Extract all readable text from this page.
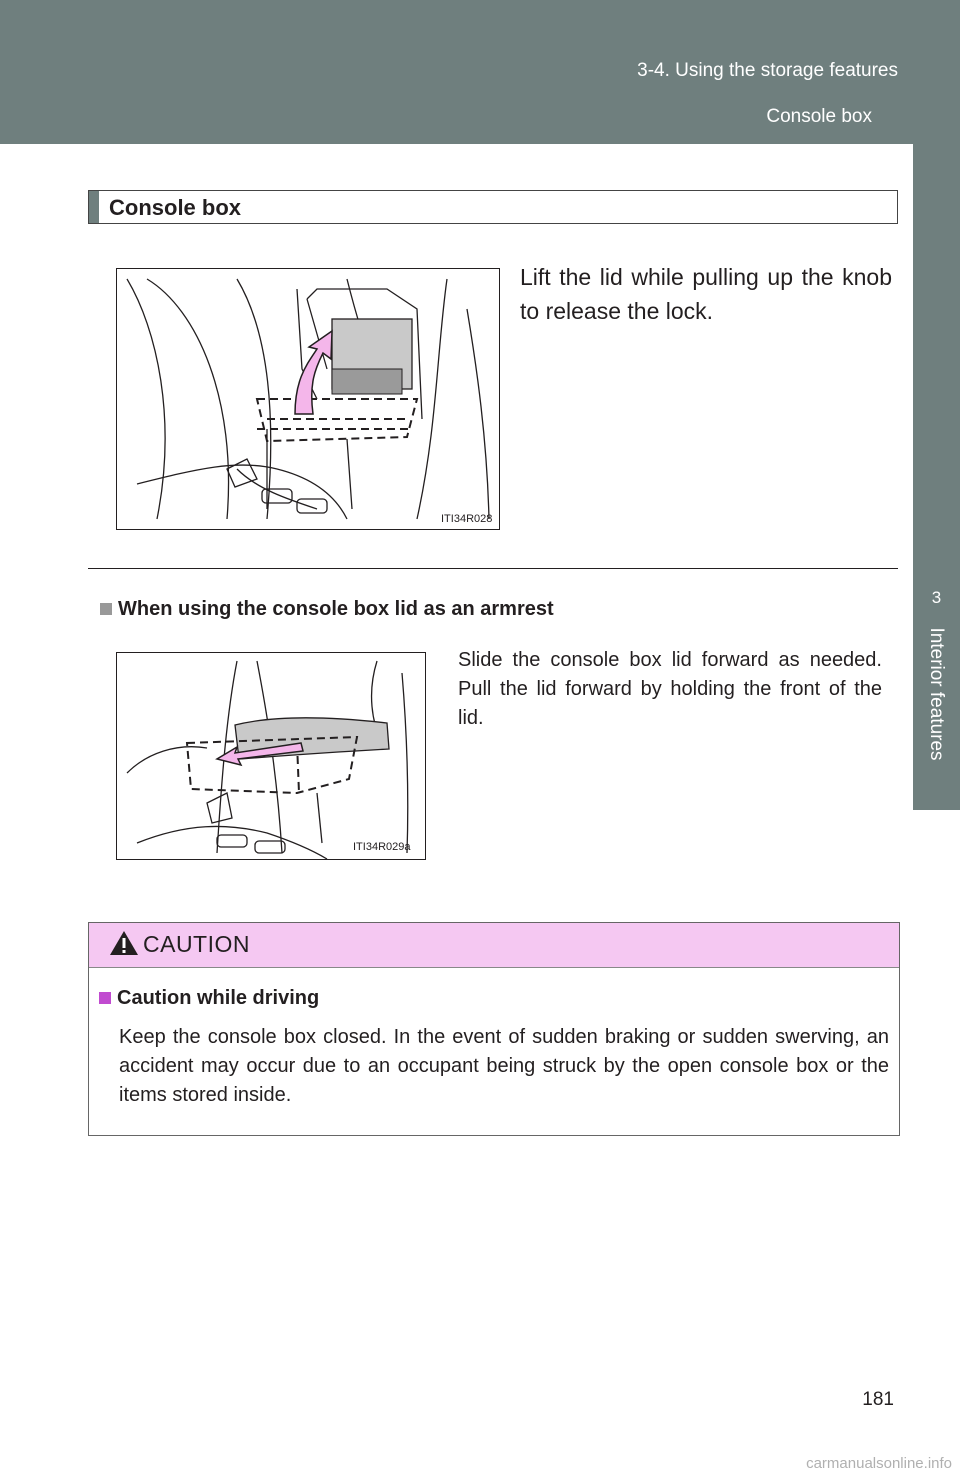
3-4. Using the storage features
Console box
3
Interior features
Console box
ITI34R028
Lift the lid while pulling up the knob to release the lock.
When using the console box lid as an armrest
ITI34R029a
Slide the console box lid forward as needed. Pull the lid forward by holding the front of the lid.
CAUTION
Caution while driving
Keep the console box closed. In the event of sudden braking or sudden swerving, an accident may occur due to an occupant being struck by the open console box or the items stored inside.
181
carmanualsonline.info
